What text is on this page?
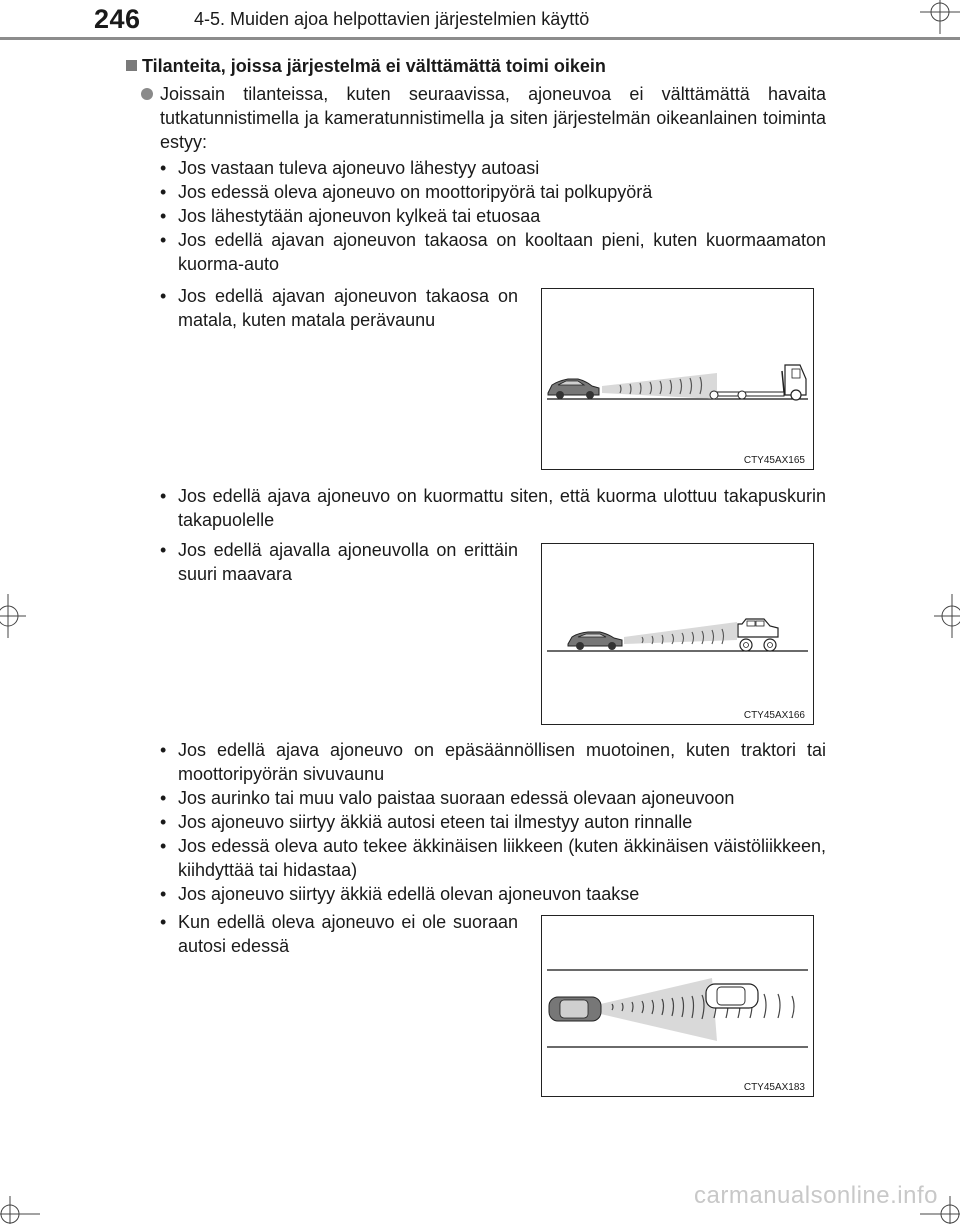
246	4-5. Muiden ajoa helpottavien järjestelmien käyttö
Tilanteita, joissa järjestelmä ei välttämättä toimi oikein
Joissain tilanteissa, kuten seuraavissa, ajoneuvoa ei välttämättä havaita tutkatunnistimella ja kameratunnistimella ja siten järjestelmän oikeanlainen toiminta estyy:
• Jos vastaan tuleva ajoneuvo lähestyy autoasi
• Jos edessä oleva ajoneuvo on moottoripyörä tai polkupyörä
• Jos lähestytään ajoneuvon kylkeä tai etuosaa
• Jos edellä ajavan ajoneuvon takaosa on kooltaan pieni, kuten kuormaamaton kuorma-auto
• Jos edellä ajavan ajoneuvon takaosa on matala, kuten matala perävaunu
CTY45AX165
• Jos edellä ajava ajoneuvo on kuormattu siten, että kuorma ulottuu takapuskurin takapuolelle
• Jos edellä ajavalla ajoneuvolla on erittäin suuri maavara
CTY45AX166
• Jos edellä ajava ajoneuvo on epäsäännöllisen muotoinen, kuten traktori tai moottoripyörän sivuvaunu
• Jos aurinko tai muu valo paistaa suoraan edessä olevaan ajoneuvoon
• Jos ajoneuvo siirtyy äkkiä autosi eteen tai ilmestyy auton rinnalle
• Jos edessä oleva auto tekee äkkinäisen liikkeen (kuten äkkinäisen väistöliikkeen, kiihdyttää tai hidastaa)
• Jos ajoneuvo siirtyy äkkiä edellä olevan ajoneuvon taakse
• Kun edellä oleva ajoneuvo ei ole suoraan autosi edessä
CTY45AX183
carmanualsonline.info
